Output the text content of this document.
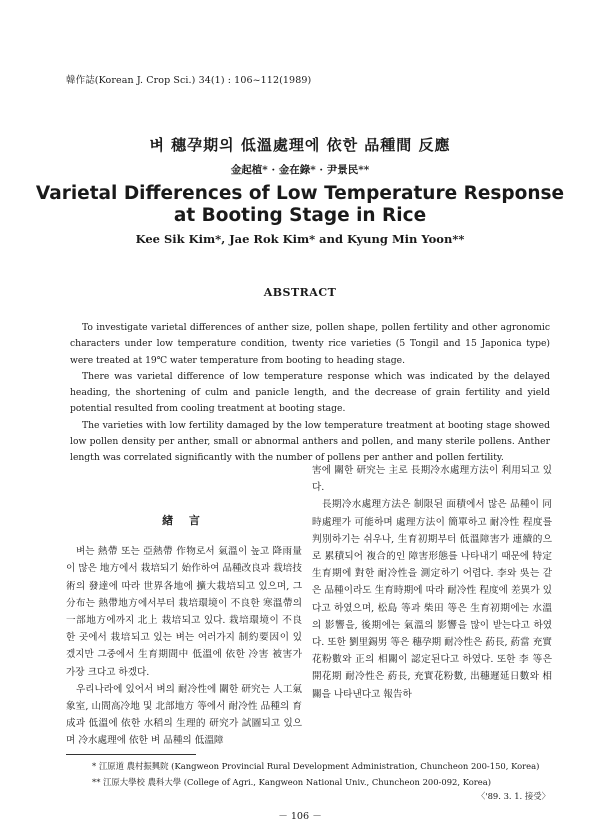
韓作誌(Korean J. Crop Sci.) 34(1) : 106~112(1989)
벼 穗孕期의 低溫處理에 依한 品種間 反應
金起植* · 金在錄* · 尹景民**
Varietal Differences of Low Temperature Response
at Booting Stage in Rice
Kee Sik Kim*, Jae Rok Kim* and Kyung Min Yoon**
ABSTRACT

To investigate varietal differences of anther size, pollen shape, pollen fertility and other agronomic characters under low temperature condition, twenty rice varieties (5 Tongil and 15 Japonica type) were treated at 19℃ water temperature from booting to heading stage.

There was varietal difference of low temperature response which was indicated by the delayed heading, the shortening of culm and panicle length, and the decrease of grain fertility and yield potential resulted from cooling treatment at booting stage.

The varieties with low fertility damaged by the low temperature treatment at booting stage showed low pollen density per anther, small or abnormal anthers and pollen, and many sterile pollens. Anther length was correlated significantly with the number of pollens per anther and pollen fertility.

緖 言

벼는 熱帶 또는 亞熱帶 作物로서 氣溫이 높고 降雨量이 많은 地方에서 栽培되기 始作하여 品種改良과 栽培技術의 發達에 따라 世界各地에 擴大栽培되고 있으며, 그 分布는 熱帶地方에서부터 栽培環境이 不良한 寒溫帶의 一部地方에까지 北上 栽培되고 있다. 栽培環境이 不良한 곳에서 栽培되고 있는 벼는 여러가지 制約要因이 있겠지만 그중에서 生育期間中 低溫에 依한 冷害 被害가 가장 크다고 하겠다.

우리나라에 있어서 벼의 耐冷性에 關한 研究는 人工氣象室, 山間高冷地 및 北部地方 等에서 耐冷性 品種의 育成과 低溫에 依한 水稻의 生理的 研究가 試圖되고 있으며 冷水處理에 依한 벼 品種의 低溫障

害에 關한 研究는 主로 長期冷水處理方法이 利用되고 있다.

長期冷水處理方法은 制限된 面積에서 많은 品種이 同時處理가 可能하며 處理方法이 簡單하고 耐冷性 程度를 判別하기는 쉬우나, 生育初期부터 低溫障害가 連續的으로 累積되어 複合的인 障害形態를 나타내기 때문에 特定生育期에 對한 耐冷性을 測定하기 어렵다. 李와 吳는 같은 品種이라도 生育時期에 따라 耐冷性 程度에 差異가 있다고 하였으며, 松島 等과 柴田 等은 生育初期에는 水溫의 影響을, 後期에는 氣溫의 影響을 많이 받는다고 하였다. 또한 劉里錫男 等은 穗孕期 耐冷性은 葯長, 葯當 充實花粉數와 正의 相關이 認定된다고 하였다. 또한 李 等은 開花期 耐冷性은 葯長, 充實花粉數, 出穗遲延日數와 相關을 나타낸다고 報告하

* 江原道 農村振興院 (Kangweon Provincial Rural Development Administration, Chuncheon 200-150, Korea)
** 江原大學校 農科大學 (College of Agri., Kangweon National Univ., Chuncheon 200-092, Korea)
〈'89. 3. 1. 接受〉
－ 106 －
